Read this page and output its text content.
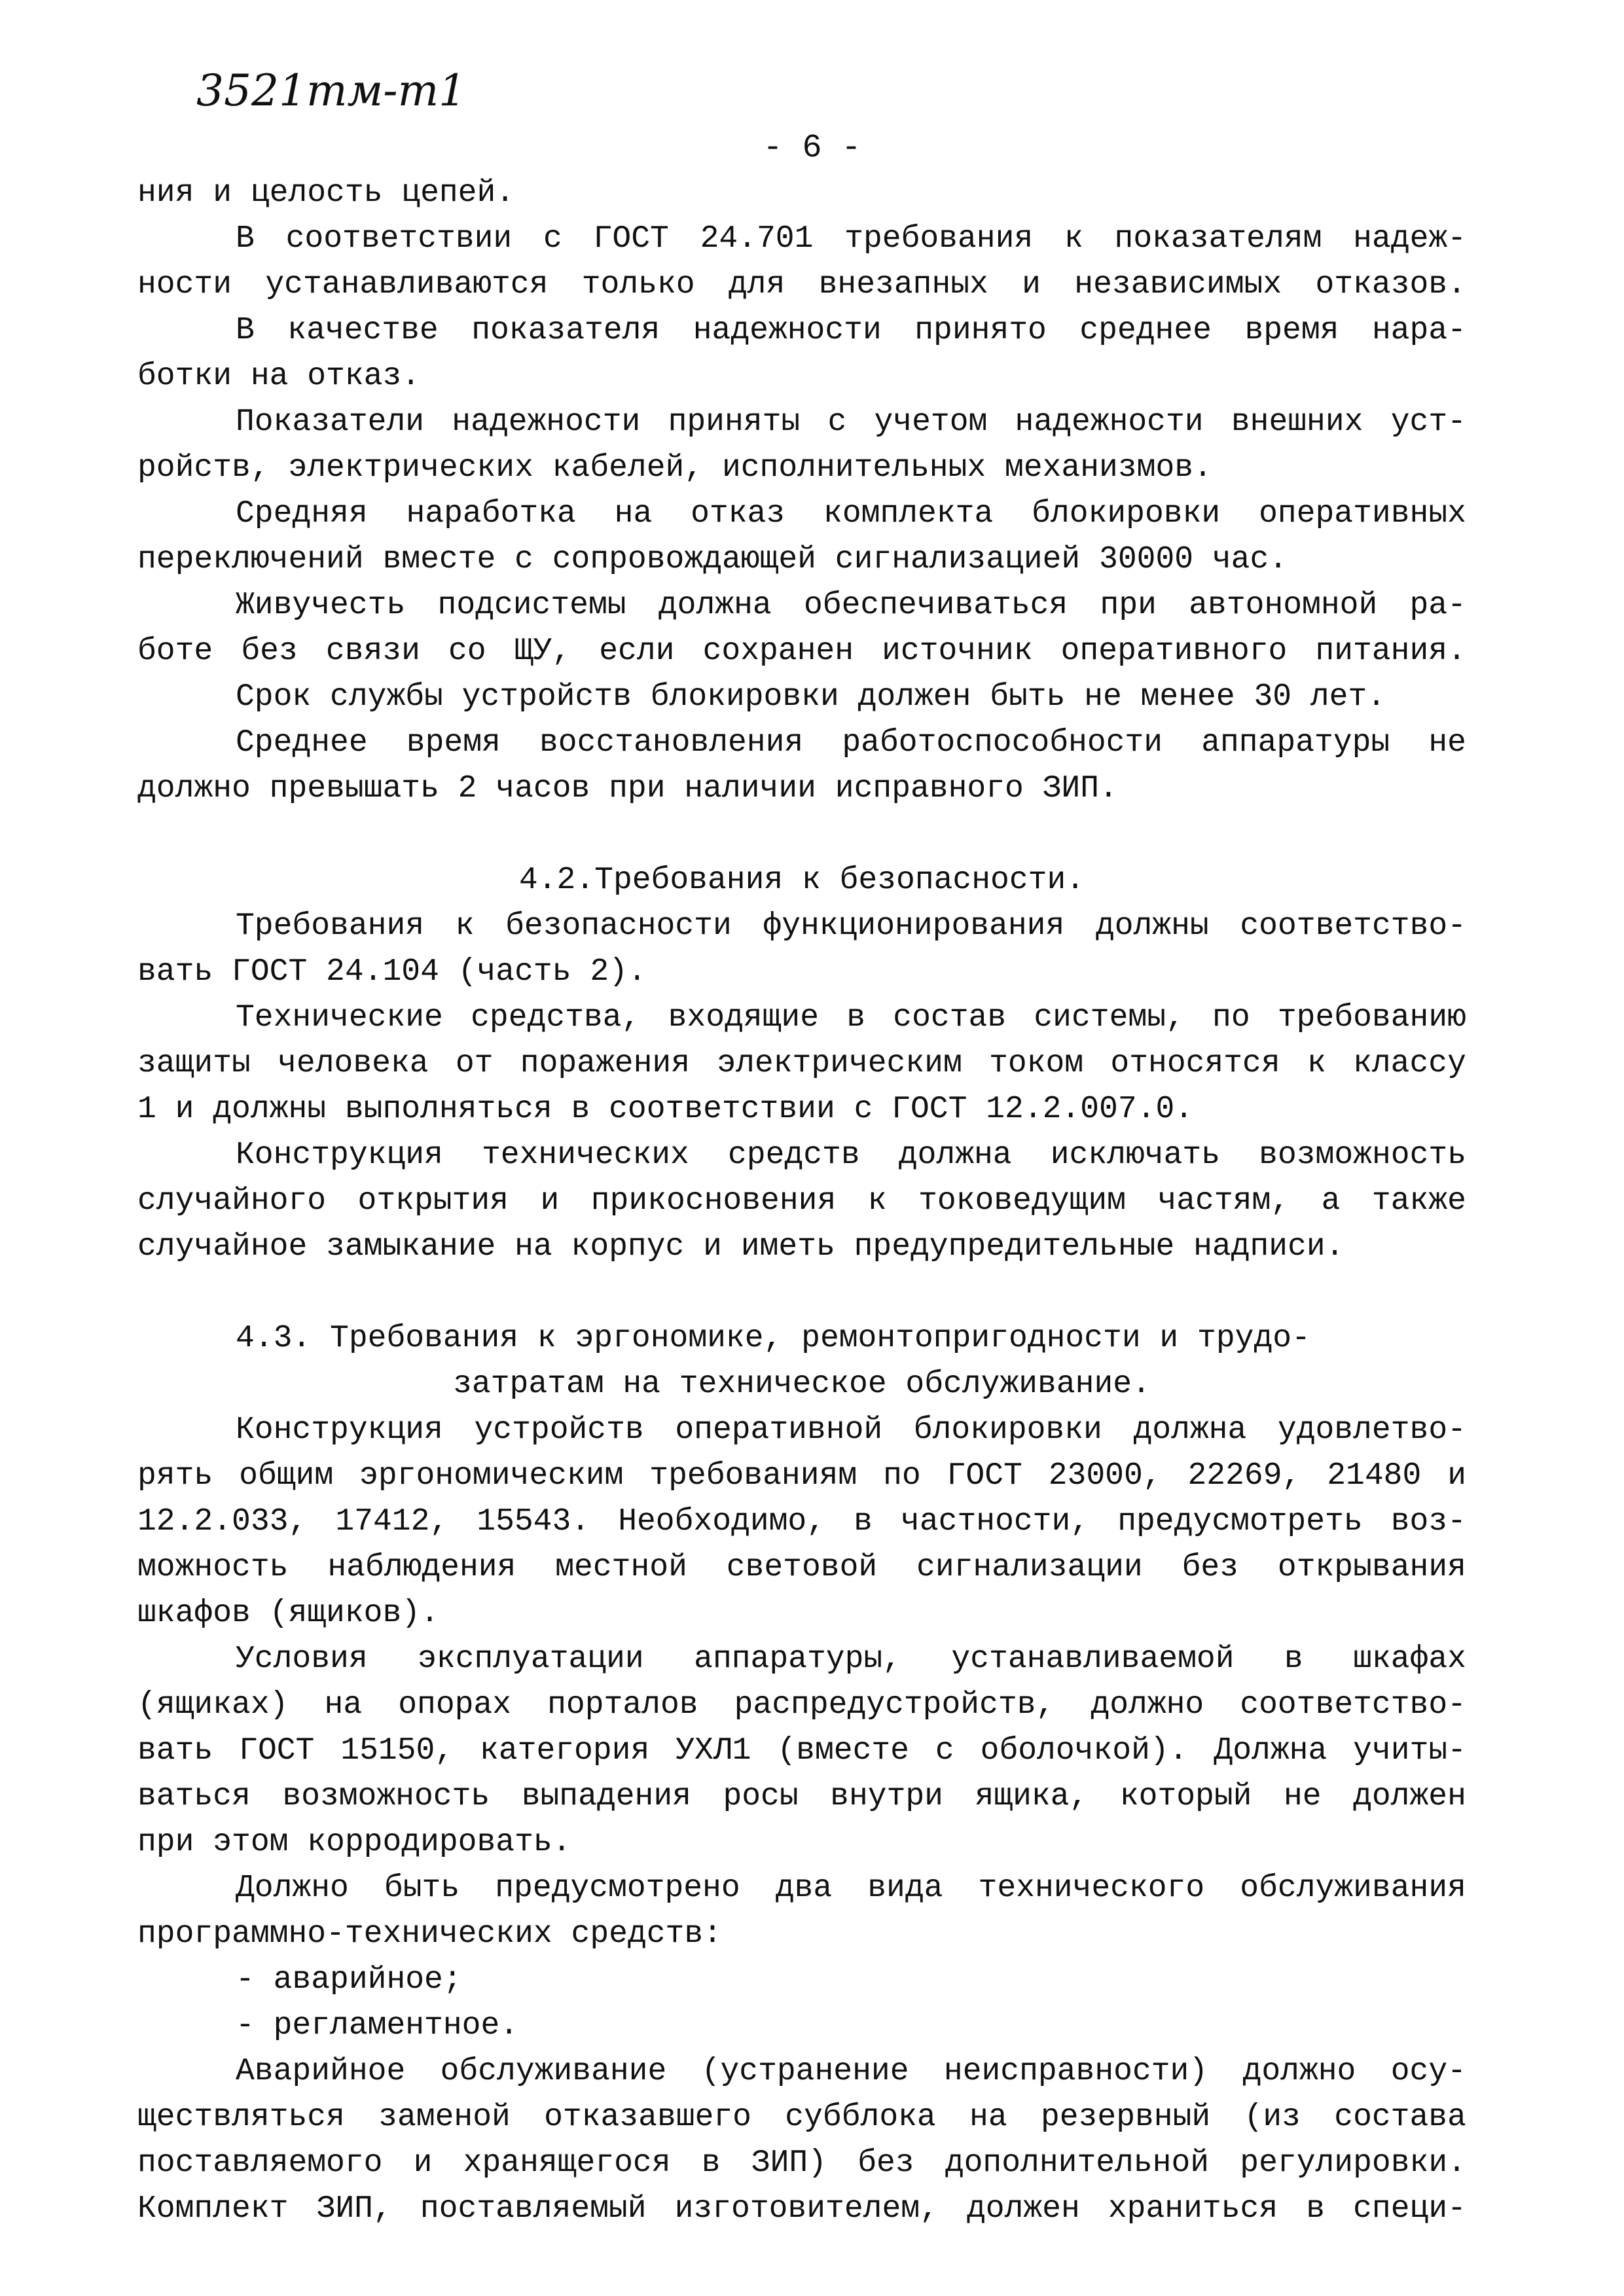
3521тм-т1
- 6 -
ния и целость цепей.
В соответствии с ГОСТ 24.701 требования к показателям надеж-
ности устанавливаются только для внезапных и независимых отказов.
В качестве показателя надежности принято среднее время нара-
ботки на отказ.
Показатели надежности приняты с учетом надежности внешних уст-
ройств, электрических кабелей, исполнительных механизмов.
Средняя наработка на отказ комплекта блокировки оперативных
переключений вместе с сопровождающей сигнализацией 30000 час.
Живучесть подсистемы должна обеспечиваться при автономной ра-
боте без связи со ЩУ, если сохранен источник оперативного питания.
Срок службы устройств блокировки должен быть не менее 30 лет.
Среднее время восстановления работоспособности аппаратуры не
должно превышать 2 часов при наличии исправного ЗИП.
4.2.Требования к безопасности.
Требования к безопасности функционирования должны соответство-
вать ГОСТ 24.104 (часть 2).
Технические средства, входящие в состав системы, по требованию
защиты человека от поражения электрическим током относятся к классу
1 и должны выполняться в соответствии с ГОСТ 12.2.007.0.
Конструкция технических средств должна исключать возможность
случайного открытия и прикосновения к токоведущим частям, а также
случайное замыкание на корпус и иметь предупредительные надписи.
4.3. Требования к эргономике, ремонтопригодности и трудо-
затратам на техническое обслуживание.
Конструкция устройств оперативной блокировки должна удовлетво-
рять общим эргономическим требованиям по ГОСТ 23000, 22269, 21480 и
12.2.033, 17412, 15543. Необходимо, в частности, предусмотреть воз-
можность наблюдения местной световой сигнализации без открывания
шкафов (ящиков).
Условия эксплуатации аппаратуры, устанавливаемой в шкафах
(ящиках) на опорах порталов распредустройств, должно соответство-
вать ГОСТ 15150, категория УХЛ1 (вместе с оболочкой). Должна учиты-
ваться возможность выпадения росы внутри ящика, который не должен
при этом корродировать.
Должно быть предусмотрено два вида технического обслуживания
программно-технических средств:
- аварийное;
- регламентное.
Аварийное обслуживание (устранение неисправности) должно осу-
ществляться заменой отказавшего субблока на резервный (из состава
поставляемого и хранящегося в ЗИП) без дополнительной регулировки.
Комплект ЗИП, поставляемый изготовителем, должен храниться в специ-
